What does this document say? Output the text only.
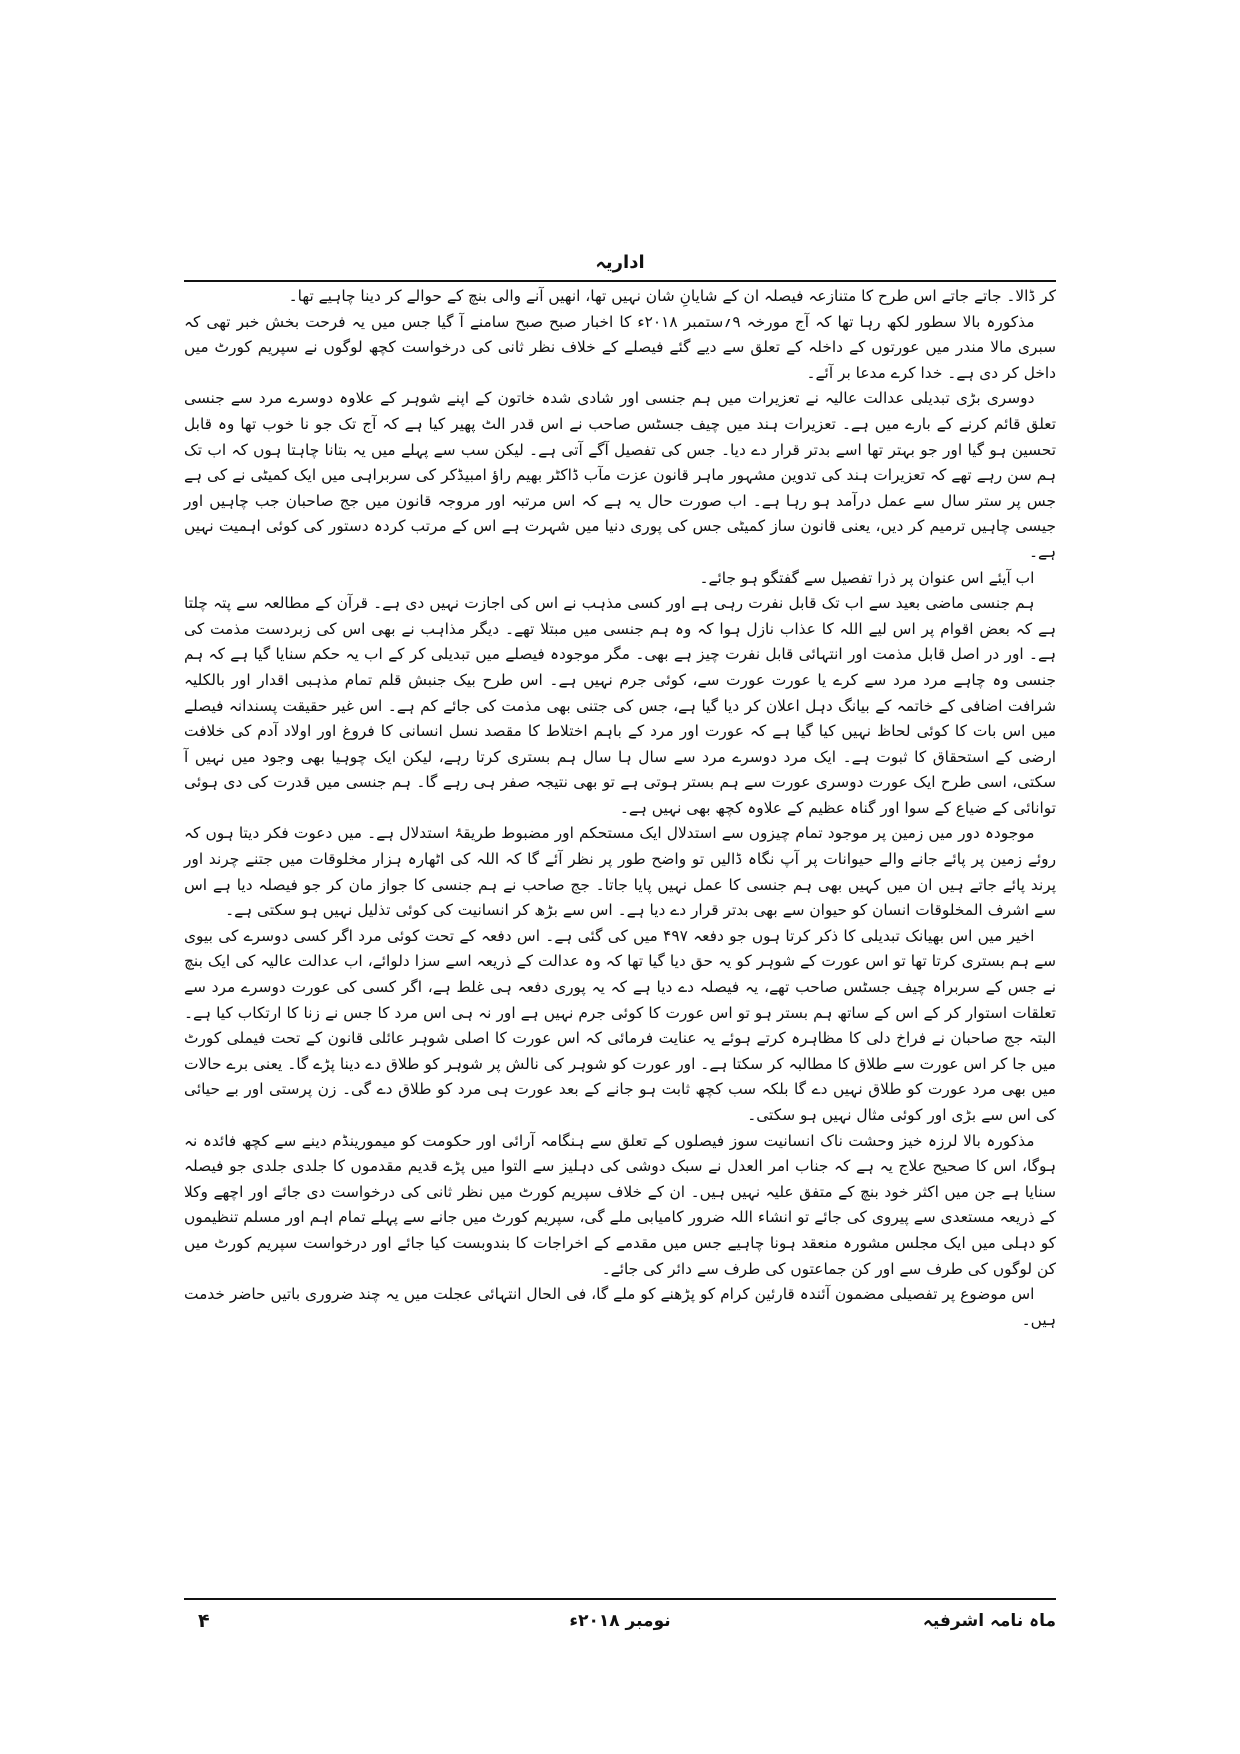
اداریہ

کر ڈالا۔ جاتے جاتے اس طرح کا متنازعہ فیصلہ ان کے شایانِ شان نہیں تھا، انھیں آنے والی بنچ کے حوالے کر دینا چاہیے تھا۔

مذکورہ بالا سطور لکھ رہا تھا کہ آج مورخہ ۹؍ستمبر ۲۰۱۸ء کا اخبار صبح صبح سامنے آ گیا جس میں یہ فرحت بخش خبر تھی کہ سبری مالا مندر میں عورتوں کے داخلہ کے تعلق سے دیے گئے فیصلے کے خلاف نظر ثانی کی درخواست کچھ لوگوں نے سپریم کورٹ میں داخل کر دی ہے۔ خدا کرے مدعا بر آئے۔

دوسری بڑی تبدیلی عدالت عالیہ نے تعزیرات میں ہم جنسی اور شادی شدہ خاتون کے اپنے شوہر کے علاوہ دوسرے مرد سے جنسی تعلق قائم کرنے کے بارے میں ہے۔ تعزیرات ہند میں چیف جسٹس صاحب نے اس قدر الٹ پھیر کیا ہے کہ آج تک جو نا خوب تھا وہ قابل تحسین ہو گیا اور جو بہتر تھا اسے بدتر قرار دے دیا۔ جس کی تفصیل آگے آتی ہے۔ لیکن سب سے پہلے میں یہ بتانا چاہتا ہوں کہ اب تک ہم سن رہے تھے کہ تعزیرات ہند کی تدوین مشہور ماہر قانون عزت مآب ڈاکٹر بھیم راؤ امبیڈکر کی سربراہی میں ایک کمیٹی نے کی ہے جس پر ستر سال سے عمل درآمد ہو رہا ہے۔ اب صورت حال یہ ہے کہ اس مرتبہ اور مروجہ قانون میں جج صاحبان جب چاہیں اور جیسی چاہیں ترمیم کر دیں، یعنی قانون ساز کمیٹی جس کی پوری دنیا میں شہرت ہے اس کے مرتب کردہ دستور کی کوئی اہمیت نہیں ہے۔

اب آیئے اس عنوان پر ذرا تفصیل سے گفتگو ہو جائے۔

ہم جنسی ماضی بعید سے اب تک قابل نفرت رہی ہے اور کسی مذہب نے اس کی اجازت نہیں دی ہے۔ قرآن کے مطالعہ سے پتہ چلتا ہے کہ بعض اقوام پر اس لیے اللہ کا عذاب نازل ہوا کہ وہ ہم جنسی میں مبتلا تھے۔ دیگر مذاہب نے بھی اس کی زبردست مذمت کی ہے۔ اور در اصل قابل مذمت اور انتہائی قابل نفرت چیز ہے بھی۔ مگر موجودہ فیصلے میں تبدیلی کر کے اب یہ حکم سنایا گیا ہے کہ ہم جنسی وہ چاہے مرد مرد سے کرے یا عورت عورت سے، کوئی جرم نہیں ہے۔ اس طرح بیک جنبش قلم تمام مذہبی اقدار اور بالکلیہ شرافت اضافی کے خاتمہ کے بیانگ دہل اعلان کر دیا گیا ہے، جس کی جتنی بھی مذمت کی جائے کم ہے۔ اس غیر حقیقت پسندانہ فیصلے میں اس بات کا کوئی لحاظ نہیں کیا گیا ہے کہ عورت اور مرد کے باہم اختلاط کا مقصد نسل انسانی کا فروغ اور اولاد آدم کی خلافت ارضی کے استحقاق کا ثبوت ہے۔ ایک مرد دوسرے مرد سے سال ہا سال ہم بستری کرتا رہے، لیکن ایک چوہیا بھی وجود میں نہیں آ سکتی، اسی طرح ایک عورت دوسری عورت سے ہم بستر ہوتی ہے تو بھی نتیجہ صفر ہی رہے گا۔ ہم جنسی میں قدرت کی دی ہوئی توانائی کے ضیاع کے سوا اور گناہ عظیم کے علاوہ کچھ بھی نہیں ہے۔

موجودہ دور میں زمین پر موجود تمام چیزوں سے استدلال ایک مستحکم اور مضبوط طریقۂ استدلال ہے۔ میں دعوت فکر دیتا ہوں کہ روئے زمین پر پائے جانے والے حیوانات پر آپ نگاہ ڈالیں تو واضح طور پر نظر آئے گا کہ اللہ کی اٹھارہ ہزار مخلوقات میں جتنے چرند اور پرند پائے جاتے ہیں ان میں کہیں بھی ہم جنسی کا عمل نہیں پایا جاتا۔ جج صاحب نے ہم جنسی کا جواز مان کر جو فیصلہ دیا ہے اس سے اشرف المخلوقات انسان کو حیوان سے بھی بدتر قرار دے دیا ہے۔ اس سے بڑھ کر انسانیت کی کوئی تذلیل نہیں ہو سکتی ہے۔

اخیر میں اس بھیانک تبدیلی کا ذکر کرتا ہوں جو دفعہ ۴۹۷ میں کی گئی ہے۔ اس دفعہ کے تحت کوئی مرد اگر کسی دوسرے کی بیوی سے ہم بستری کرتا تھا تو اس عورت کے شوہر کو یہ حق دیا گیا تھا کہ وہ عدالت کے ذریعہ اسے سزا دلوائے، اب عدالت عالیہ کی ایک بنچ نے جس کے سربراہ چیف جسٹس صاحب تھے، یہ فیصلہ دے دیا ہے کہ یہ پوری دفعہ ہی غلط ہے، اگر کسی کی عورت دوسرے مرد سے تعلقات استوار کر کے اس کے ساتھ ہم بستر ہو تو اس عورت کا کوئی جرم نہیں ہے اور نہ ہی اس مرد کا جس نے زنا کا ارتکاب کیا ہے۔ البتہ جج صاحبان نے فراخ دلی کا مظاہرہ کرتے ہوئے یہ عنایت فرمائی کہ اس عورت کا اصلی شوہر عائلی قانون کے تحت فیملی کورٹ میں جا کر اس عورت سے طلاق کا مطالبہ کر سکتا ہے۔ اور عورت کو شوہر کی نالش پر شوہر کو طلاق دے دینا پڑے گا۔ یعنی برے حالات میں بھی مرد عورت کو طلاق نہیں دے گا بلکہ سب کچھ ثابت ہو جانے کے بعد عورت ہی مرد کو طلاق دے گی۔ زن پرستی اور بے حیائی کی اس سے بڑی اور کوئی مثال نہیں ہو سکتی۔

مذکورہ بالا لرزہ خیز وحشت ناک انسانیت سوز فیصلوں کے تعلق سے ہنگامہ آرائی اور حکومت کو میمورینڈم دینے سے کچھ فائدہ نہ ہوگا، اس کا صحیح علاج یہ ہے کہ جناب امر العدل نے سبک دوشی کی دہلیز سے التوا میں پڑے قدیم مقدموں کا جلدی جلدی جو فیصلہ سنایا ہے جن میں اکثر خود بنچ کے متفق علیہ نہیں ہیں۔ ان کے خلاف سپریم کورٹ میں نظر ثانی کی درخواست دی جائے اور اچھے وکلا کے ذریعہ مستعدی سے پیروی کی جائے تو انشاء اللہ ضرور کامیابی ملے گی، سپریم کورٹ میں جانے سے پہلے تمام اہم اور مسلم تنظیموں کو دہلی میں ایک مجلس مشورہ منعقد ہونا چاہیے جس میں مقدمے کے اخراجات کا بندوبست کیا جائے اور درخواست سپریم کورٹ میں کن لوگوں کی طرف سے اور کن جماعتوں کی طرف سے دائر کی جائے۔

اس موضوع پر تفصیلی مضمون آئندہ قارئین کرام کو پڑھنے کو ملے گا، فی الحال انتہائی عجلت میں یہ چند ضروری باتیں حاضر خدمت ہیں۔

ماہ نامہ اشرفیہ
نومبر ۲۰۱۸ء
۴
